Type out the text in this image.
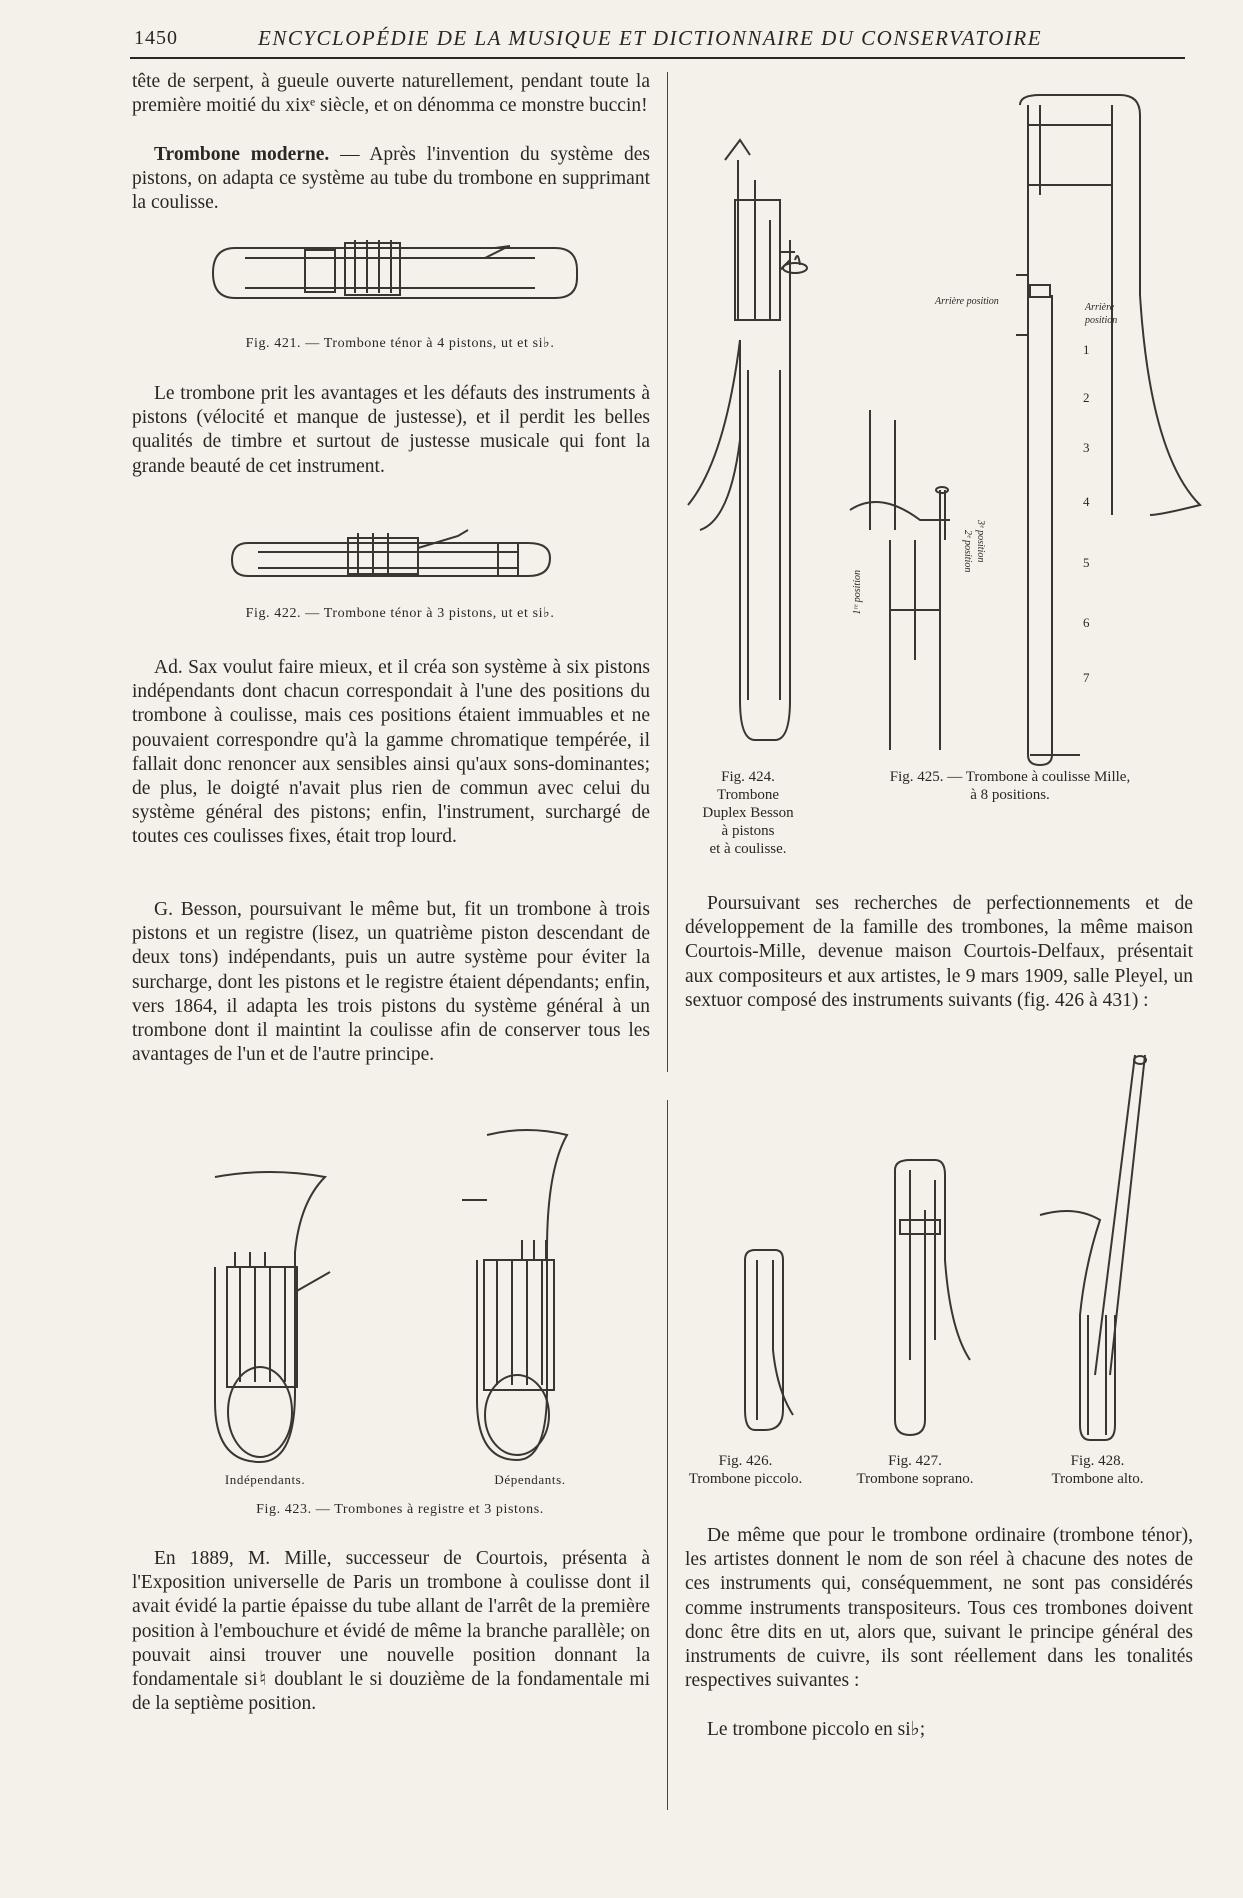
1450	ENCYCLOPÉDIE DE LA MUSIQUE ET DICTIONNAIRE DU CONSERVATOIRE
tête de serpent, à gueule ouverte naturellement, pendant toute la première moitié du xixᵉ siècle, et on dénomma ce monstre buccin!
Trombone moderne. — Après l'invention du système des pistons, on adapta ce système au tube du trombone en supprimant la coulisse.
Fig. 421. — Trombone ténor à 4 pistons, ut et si♭.
Le trombone prit les avantages et les défauts des instruments à pistons (vélocité et manque de justesse), et il perdit les belles qualités de timbre et surtout de justesse musicale qui font la grande beauté de cet instrument.
Fig. 422. — Trombone ténor à 3 pistons, ut et si♭.
Ad. Sax voulut faire mieux, et il créa son système à six pistons indépendants dont chacun correspondait à l'une des positions du trombone à coulisse, mais ces positions étaient immuables et ne pouvaient correspondre qu'à la gamme chromatique tempérée, il fallait donc renoncer aux sensibles ainsi qu'aux sons-dominantes; de plus, le doigté n'avait plus rien de commun avec celui du système général des pistons; enfin, l'instrument, surchargé de toutes ces coulisses fixes, était trop lourd.
G. Besson, poursuivant le même but, fit un trombone à trois pistons et un registre (lisez, un quatrième piston descendant de deux tons) indépendants, puis un autre système pour éviter la surcharge, dont les pistons et le registre étaient dépendants; enfin, vers 1864, il adapta les trois pistons du système général à un trombone dont il maintint la coulisse afin de conserver tous les avantages de l'un et de l'autre principe.
Indépendants.	Dépendants.
Fig. 423. — Trombones à registre et 3 pistons.
En 1889, M. Mille, successeur de Courtois, présenta à l'Exposition universelle de Paris un trombone à coulisse dont il avait évidé la partie épaisse du tube allant de l'arrêt de la première position à l'embouchure et évidé de même la branche parallèle; on pouvait ainsi trouver une nouvelle position donnant la fondamentale si♮ doublant le si douzième de la fondamentale mi de la septième position.
1ʳᵉ position
2ᵉ position 3ᵉ position
Arrière position
Arrière
position
1
2
3
4
5
6
7
Fig. 424.
Trombone
Duplex Besson
à pistons
et à coulisse.
Fig. 425. — Trombone à coulisse Mille,
à 8 positions.
Poursuivant ses recherches de perfectionnements et de développement de la famille des trombones, la même maison Courtois-Mille, devenue maison Courtois-Delfaux, présentait aux compositeurs et aux artistes, le 9 mars 1909, salle Pleyel, un sextuor composé des instruments suivants (fig. 426 à 431) :
Fig. 426.
Trombone piccolo.
Fig. 427.
Trombone soprano.
Fig. 428.
Trombone alto.
De même que pour le trombone ordinaire (trombone ténor), les artistes donnent le nom de son réel à chacune des notes de ces instruments qui, conséquemment, ne sont pas considérés comme instruments transpositeurs. Tous ces trombones doivent donc être dits en ut, alors que, suivant le principe général des instruments de cuivre, ils sont réellement dans les tonalités respectives suivantes :
Le trombone piccolo en si♭;
